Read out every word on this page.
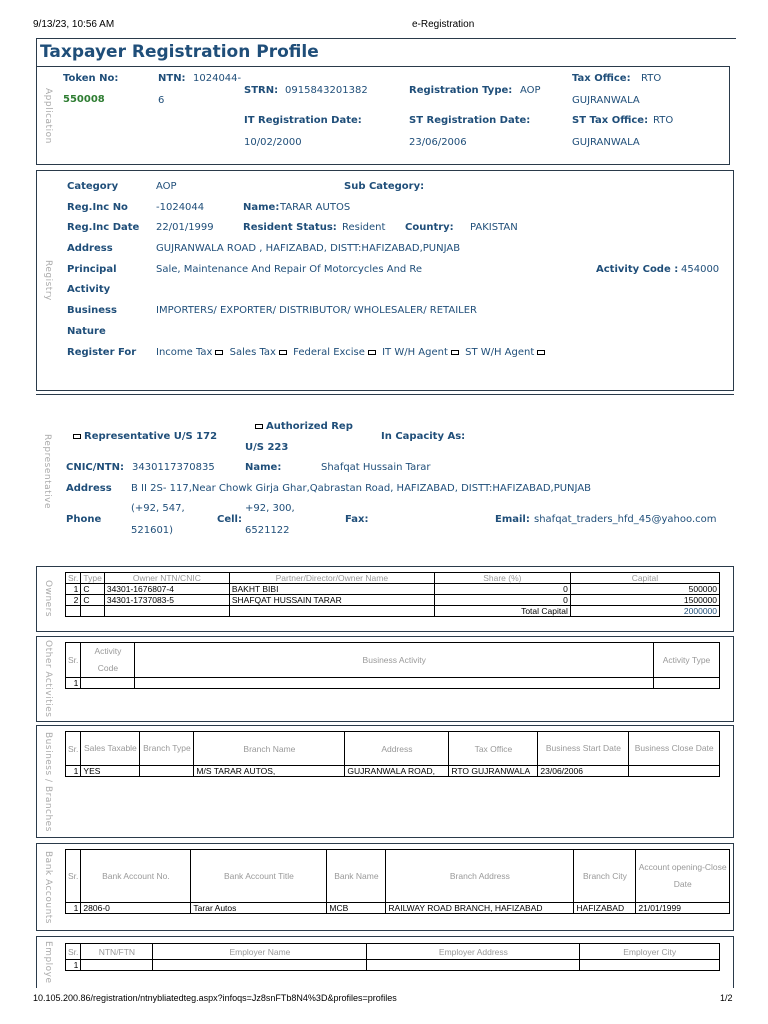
9/13/23, 10:56 AM	e-Registration
Taxpayer Registration Profile
Application
Token No:
550008
NTN: 1024044-
6
STRN: 0915843201382	Registration Type: AOP
Tax Office: RTO
GUJRANWALA
IT Registration Date:
10/02/2000
ST Registration Date:
23/06/2006
ST Tax Office: RTO
GUJRANWALA
Registry
Category	AOP	Sub Category:
Reg.Inc No	-1024044	Name: TARAR AUTOS
Reg.Inc Date 22/01/1999	Resident Status: Resident Country: PAKISTAN
Address	GUJRANWALA ROAD , HAFIZABAD, DISTT:HAFIZABAD,PUNJAB
Principal
Activity
Sale, Maintenance And Repair Of Motorcycles And Re	Activity Code : 454000
Business
Nature
IMPORTERS/ EXPORTER/ DISTRIBUTOR/ WHOLESALER/ RETAILER
Register For Income Tax Sales Tax Federal Excise IT W/H Agent ST W/H Agent
Representative	Representative U/S 172
Authorized Rep
U/S 223
In Capacity As:
CNIC/NTN: 3430117370835	Name:	Shafqat Hussain Tarar
Address B II 2S- 117,Near Chowk Girja Ghar,Qabrastan Road, HAFIZABAD, DISTT:HAFIZABAD,PUNJAB
(+92, 547,
Phone
521601)
Cell:
+92, 300,
6521122
Fax:	Email: shafqat_traders_hfd_45@yahoo.com
Owners
Sr.	Type	Owner NTN/CNIC	Partner/Director/Owner Name	Share (%)	Capital
1	C	34301-1676807-4	BAKHT BIBI	0	500000
2	C	34301-1737083-5	SHAFQAT HUSSAIN TARAR	0	1500000
				Total Capital	2000000
Other Activities Sr.	Activity Code	Business Activity	Activity Type
1			
Business / Branches Sr.	Sales Taxable	Branch Type	Branch Name	Address	Tax Office	Business Start Date	Business Close Date
1	YES		M/S TARAR AUTOS,	GUJRANWALA ROAD,	RTO GUJRANWALA	23/06/2006	
Bank Accounts Sr.	Bank Account No.	Bank Account Title	Bank Name	Branch Address	Branch City	Account opening-Close Date
1	2806-0	Tarar Autos	MCB	RAILWAY ROAD BRANCH, HAFIZABAD	HAFIZABAD	21/01/1999
Employe Sr.	NTN/FTN	Employer Name	Employer Address	Employer City
1				
10.105.200.86/registration/ntnybliatedteg.aspx?infoqs=Jz8snFTb8N4%3D&profiles=profiles	1/2
